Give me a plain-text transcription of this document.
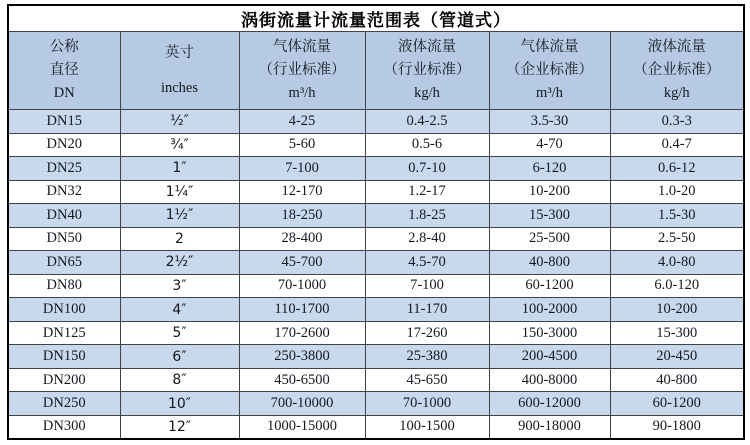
涡街流量计流量范围表（管道式）					

公称
直径
DN

英寸
inches

气体流量
（行业标准）
m³/h

液体流量
（行业标准）
kg/h

气体流量
（企业标准）
m³/h

液体流量
（企业标准）
kg/h

DN15	½″	4-25	0.4-2.5	3.5-30	0.3-3
DN20	¾″	5-60	0.5-6	4-70	0.4-7
DN25	1″	7-100	0.7-10	6-120	0.6-12
DN32	1¼″	12-170	1.2-17	10-200	1.0-20
DN40	1½″	18-250	1.8-25	15-300	1.5-30
DN50	2	28-400	2.8-40	25-500	2.5-50
DN65	2½″	45-700	4.5-70	40-800	4.0-80
DN80	3″	70-1000	7-100	60-1200	6.0-120
DN100	4″	110-1700	11-170	100-2000	10-200
DN125	5″	170-2600	17-260	150-3000	15-300
DN150	6″	250-3800	25-380	200-4500	20-450
DN200	8″	450-6500	45-650	400-8000	40-800
DN250	10″	700-10000	70-1000	600-12000	60-1200
DN300	12″	1000-15000	100-1500	900-18000	90-1800
